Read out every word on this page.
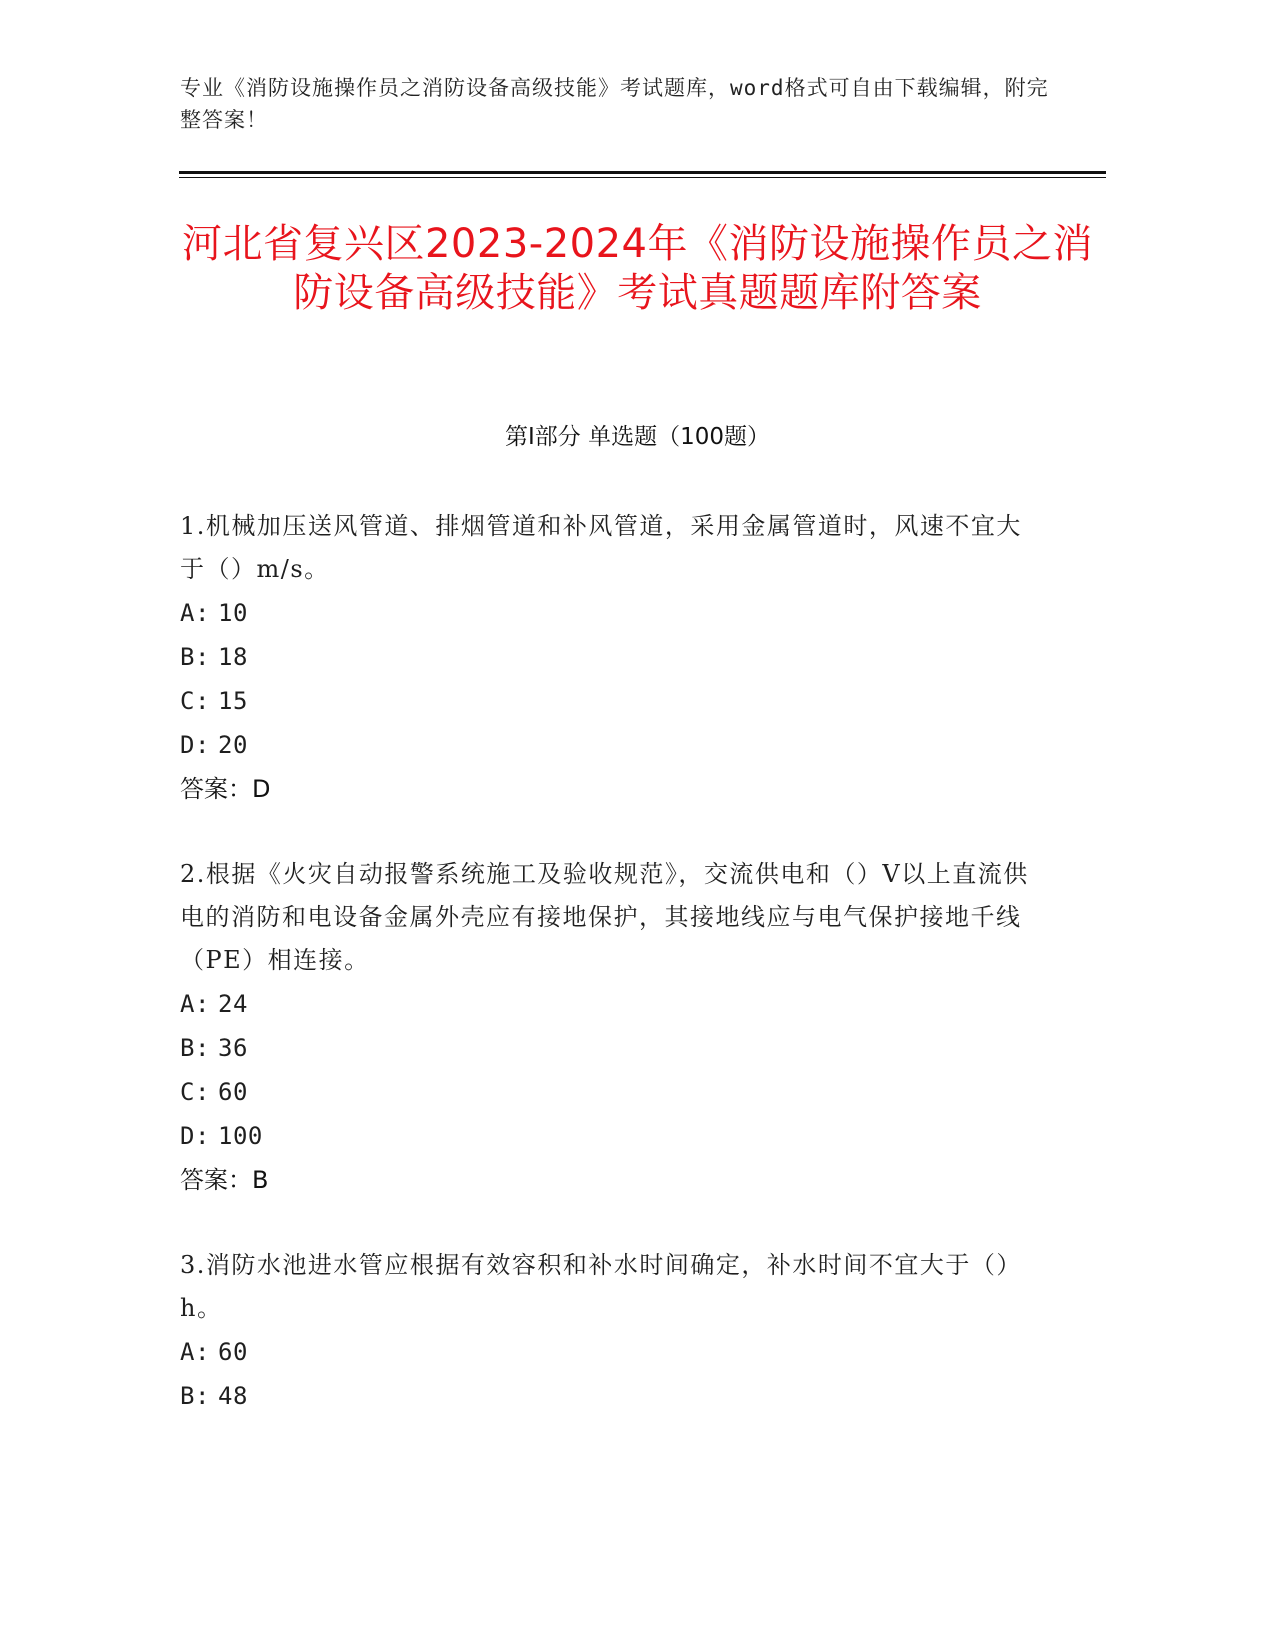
专业《消防设施操作员之消防设备高级技能》考试题库，word格式可自由下载编辑，附完整答案！
河北省复兴区2023-2024年《消防设施操作员之消防设备高级技能》考试真题题库附答案
第I部分 单选题（100题）

1.机械加压送风管道、排烟管道和补风管道，采用金属管道时，风速不宜大于（）m/s。

A: 10

B: 18

C: 15

D: 20

答案：D

2.根据《火灾自动报警系统施工及验收规范》，交流供电和（）V以上直流供电的消防和电设备金属外壳应有接地保护，其接地线应与电气保护接地千线（PE）相连接。

A: 24

B: 36

C: 60

D: 100

答案：B

3.消防水池进水管应根据有效容积和补水时间确定，补水时间不宜大于（）h。

A: 60

B: 48
